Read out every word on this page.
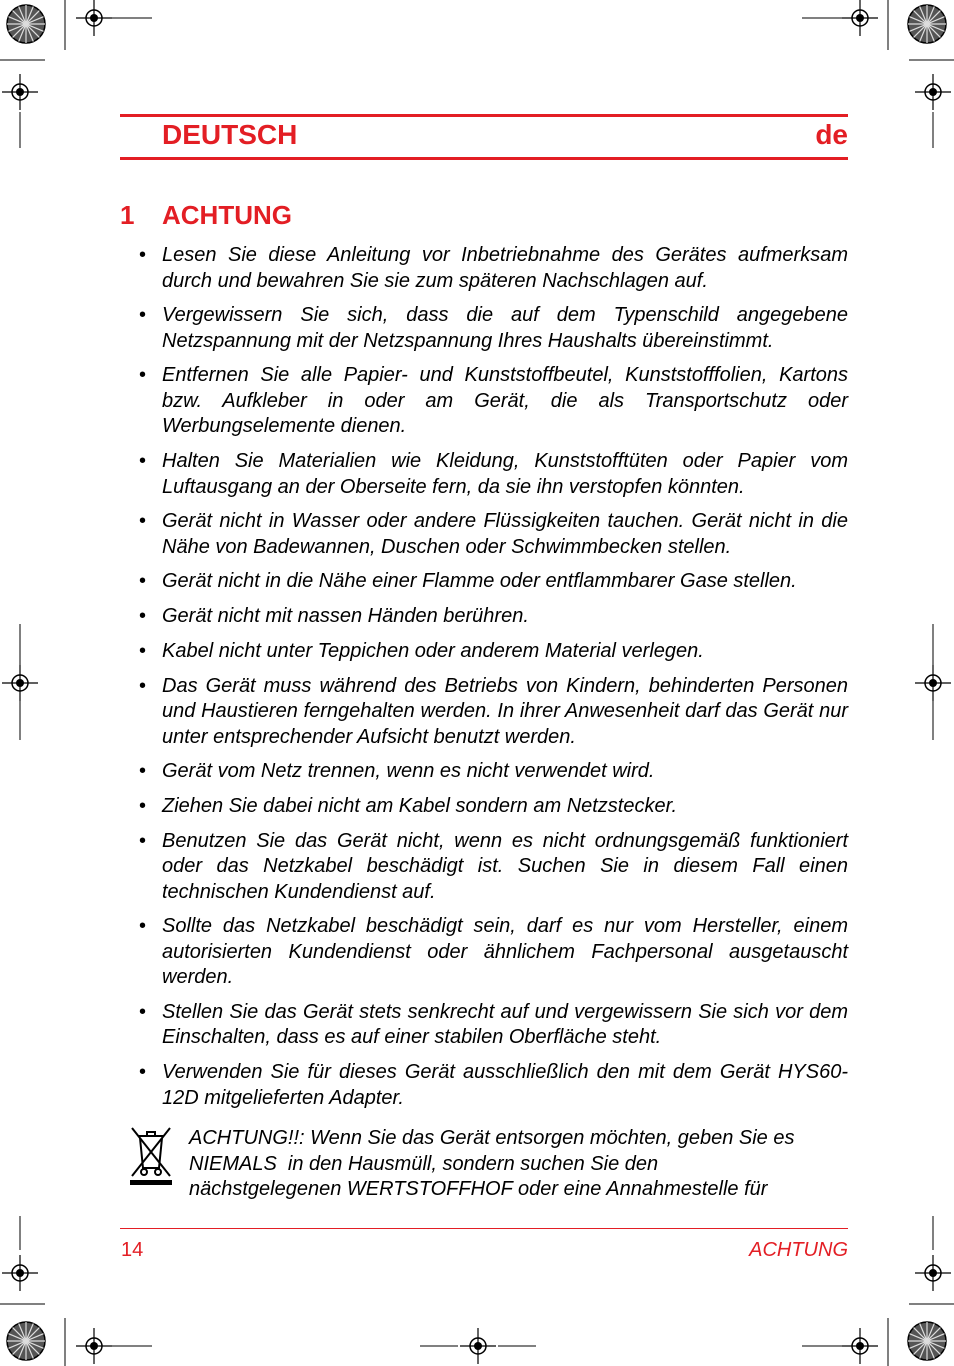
DEUTSCH	de
1 ACHTUNG
• Lesen Sie diese Anleitung vor Inbetriebnahme des Gerätes aufmerksam durch und bewahren Sie sie zum späteren Nachschlagen auf.
• Vergewissern Sie sich, dass die auf dem Typenschild angegebene Netzspannung mit der Netzspannung Ihres Haushalts übereinstimmt.
• Entfernen Sie alle Papier- und Kunststoffbeutel, Kunststofffolien, Kartons bzw. Aufkleber in oder am Gerät, die als Transportschutz oder Werbungselemente dienen.
• Halten Sie Materialien wie Kleidung, Kunststofftüten oder Papier vom Luftausgang an der Oberseite fern, da sie ihn verstopfen könnten.
• Gerät nicht in Wasser oder andere Flüssigkeiten tauchen. Gerät nicht in die Nähe von Badewannen, Duschen oder Schwimmbecken stellen.
• Gerät nicht in die Nähe einer Flamme oder entflammbarer Gase stellen.
• Gerät nicht mit nassen Händen berühren.
• Kabel nicht unter Teppichen oder anderem Material verlegen.
• Das Gerät muss während des Betriebs von Kindern, behinderten Personen und Haustieren ferngehalten werden. In ihrer Anwesenheit darf das Gerät nur unter entsprechender Aufsicht benutzt werden.
• Gerät vom Netz trennen, wenn es nicht verwendet wird.
• Ziehen Sie dabei nicht am Kabel sondern am Netzstecker.
• Benutzen Sie das Gerät nicht, wenn es nicht ordnungsgemäß funktioniert oder das Netzkabel beschädigt ist. Suchen Sie in diesem Fall einen technischen Kundendienst auf.
• Sollte das Netzkabel beschädigt sein, darf es nur vom Hersteller, einem autorisierten Kundendienst oder ähnlichem Fachpersonal ausgetauscht werden.
• Stellen Sie das Gerät stets senkrecht auf und vergewissern Sie sich vor dem Einschalten, dass es auf einer stabilen Oberfläche steht.
• Verwenden Sie für dieses Gerät ausschließlich den mit dem Gerät HYS60-12D mitgelieferten Adapter.
ACHTUNG!!: Wenn Sie das Gerät entsorgen möchten, geben Sie es
NIEMALS  in den Hausmüll, sondern suchen Sie den
nächstgelegenen WERTSTOFFHOF oder eine Annahmestelle für
14	ACHTUNG
